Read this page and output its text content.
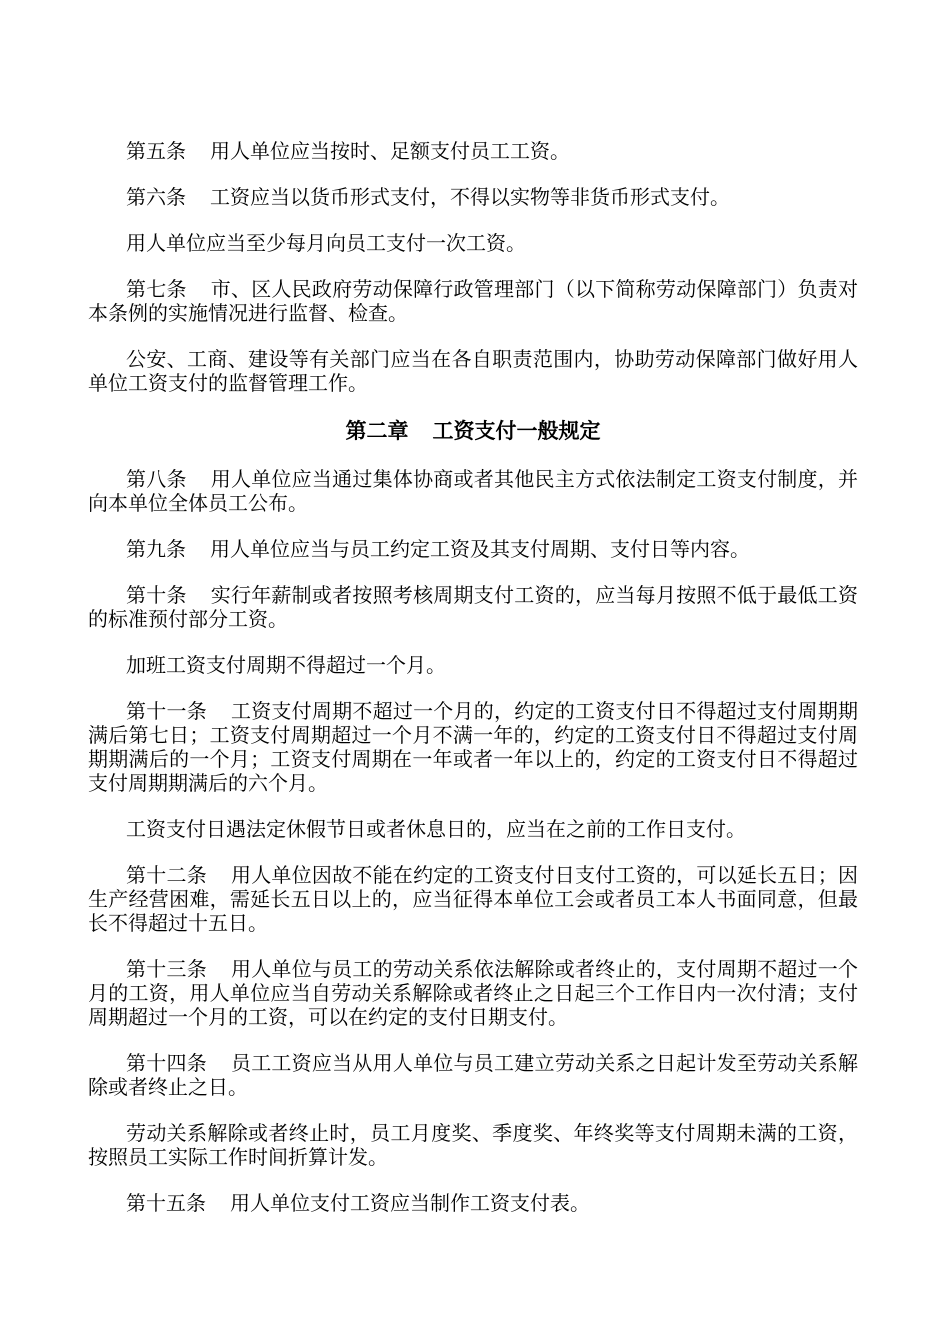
第五条 用人单位应当按时、足额支付员工工资。

第六条 工资应当以货币形式支付，不得以实物等非货币形式支付。

用人单位应当至少每月向员工支付一次工资。

第七条 市、区人民政府劳动保障行政管理部门（以下简称劳动保障部门）负责对本条例的实施情况进行监督、检查。

公安、工商、建设等有关部门应当在各自职责范围内，协助劳动保障部门做好用人单位工资支付的监督管理工作。

第二章 工资支付一般规定

第八条 用人单位应当通过集体协商或者其他民主方式依法制定工资支付制度，并向本单位全体员工公布。

第九条 用人单位应当与员工约定工资及其支付周期、支付日等内容。

第十条 实行年薪制或者按照考核周期支付工资的，应当每月按照不低于最低工资的标准预付部分工资。

加班工资支付周期不得超过一个月。

第十一条 工资支付周期不超过一个月的，约定的工资支付日不得超过支付周期期满后第七日；工资支付周期超过一个月不满一年的，约定的工资支付日不得超过支付周期期满后的一个月；工资支付周期在一年或者一年以上的，约定的工资支付日不得超过支付周期期满后的六个月。

工资支付日遇法定休假节日或者休息日的，应当在之前的工作日支付。

第十二条 用人单位因故不能在约定的工资支付日支付工资的，可以延长五日；因生产经营困难，需延长五日以上的，应当征得本单位工会或者员工本人书面同意，但最长不得超过十五日。

第十三条 用人单位与员工的劳动关系依法解除或者终止的，支付周期不超过一个月的工资，用人单位应当自劳动关系解除或者终止之日起三个工作日内一次付清；支付周期超过一个月的工资，可以在约定的支付日期支付。

第十四条 员工工资应当从用人单位与员工建立劳动关系之日起计发至劳动关系解除或者终止之日。

劳动关系解除或者终止时，员工月度奖、季度奖、年终奖等支付周期未满的工资，按照员工实际工作时间折算计发。

第十五条 用人单位支付工资应当制作工资支付表。
